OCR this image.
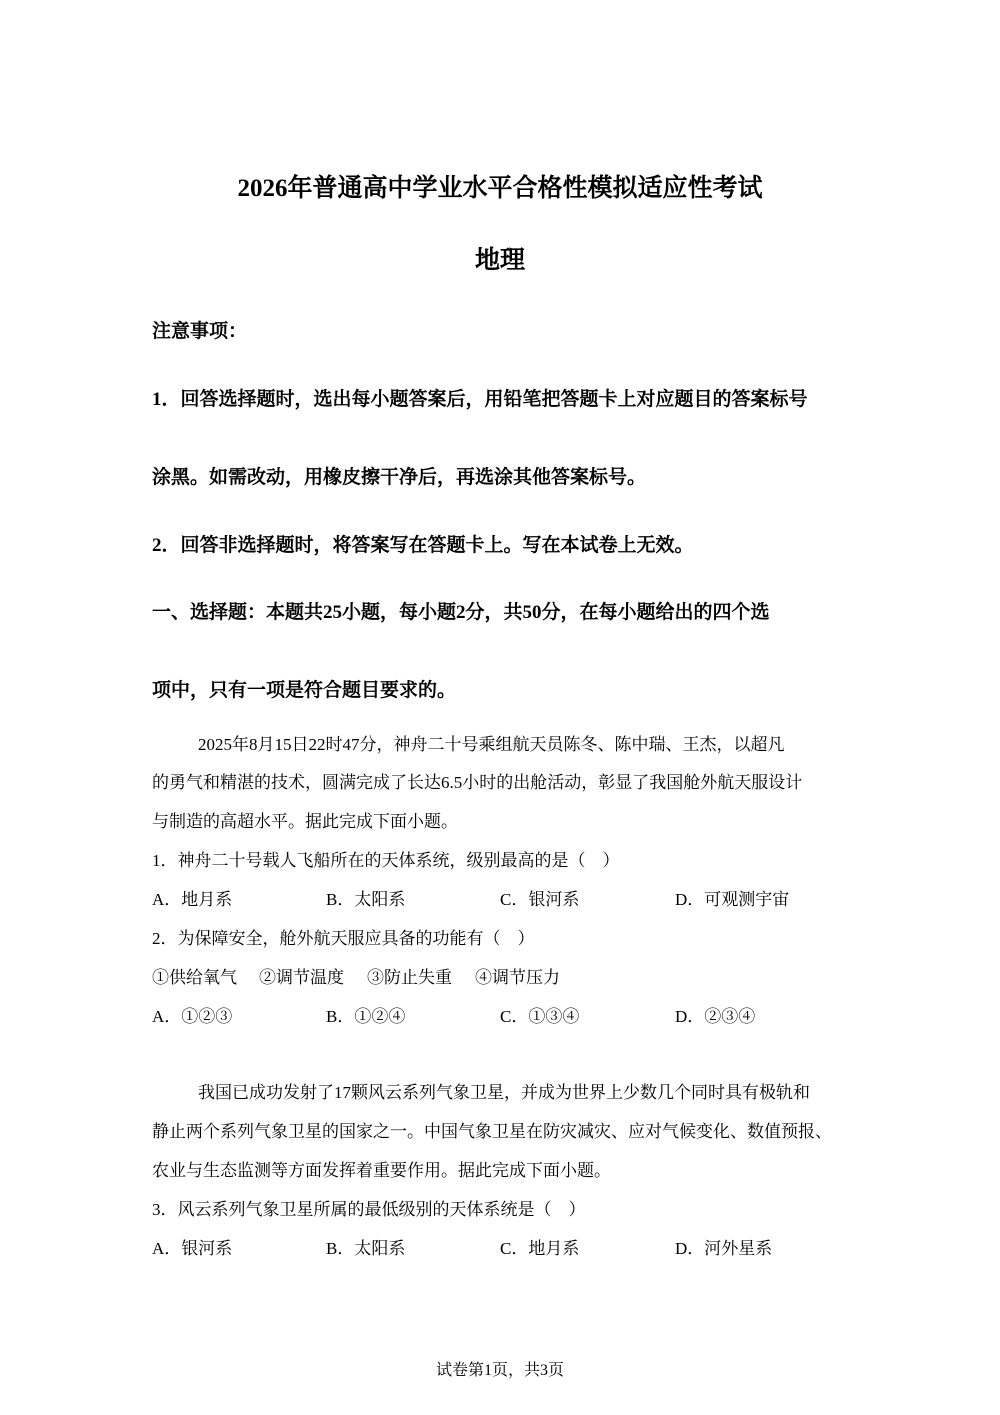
2026年普通高中学业水平合格性模拟适应性考试
地理
注意事项：
1．回答选择题时，选出每小题答案后，用铅笔把答题卡上对应题目的答案标号
涂黑。如需改动，用橡皮擦干净后，再选涂其他答案标号。
2．回答非选择题时，将答案写在答题卡上。写在本试卷上无效。
一、选择题：本题共25小题，每小题2分，共50分，在每小题给出的四个选
项中，只有一项是符合题目要求的。
2025年8月15日22时47分，神舟二十号乘组航天员陈冬、陈中瑞、王杰，以超凡
的勇气和精湛的技术，圆满完成了长达6.5小时的出舱活动，彰显了我国舱外航天服设计
与制造的高超水平。据此完成下面小题。
1．神舟二十号载人飞船所在的天体系统，级别最高的是（　）
A．地月系	B．太阳系	C．银河系	D．可观测宇宙
2．为保障安全，舱外航天服应具备的功能有（　）
①供给氧气 ②调节温度 ③防止失重 ④调节压力
A．①②③	B．①②④	C．①③④	D．②③④
我国已成功发射了17颗风云系列气象卫星，并成为世界上少数几个同时具有极轨和
静止两个系列气象卫星的国家之一。中国气象卫星在防灾减灾、应对气候变化、数值预报、
农业与生态监测等方面发挥着重要作用。据此完成下面小题。
3．风云系列气象卫星所属的最低级别的天体系统是（　）
A．银河系	B．太阳系	C．地月系	D．河外星系
试卷第1页，共3页
